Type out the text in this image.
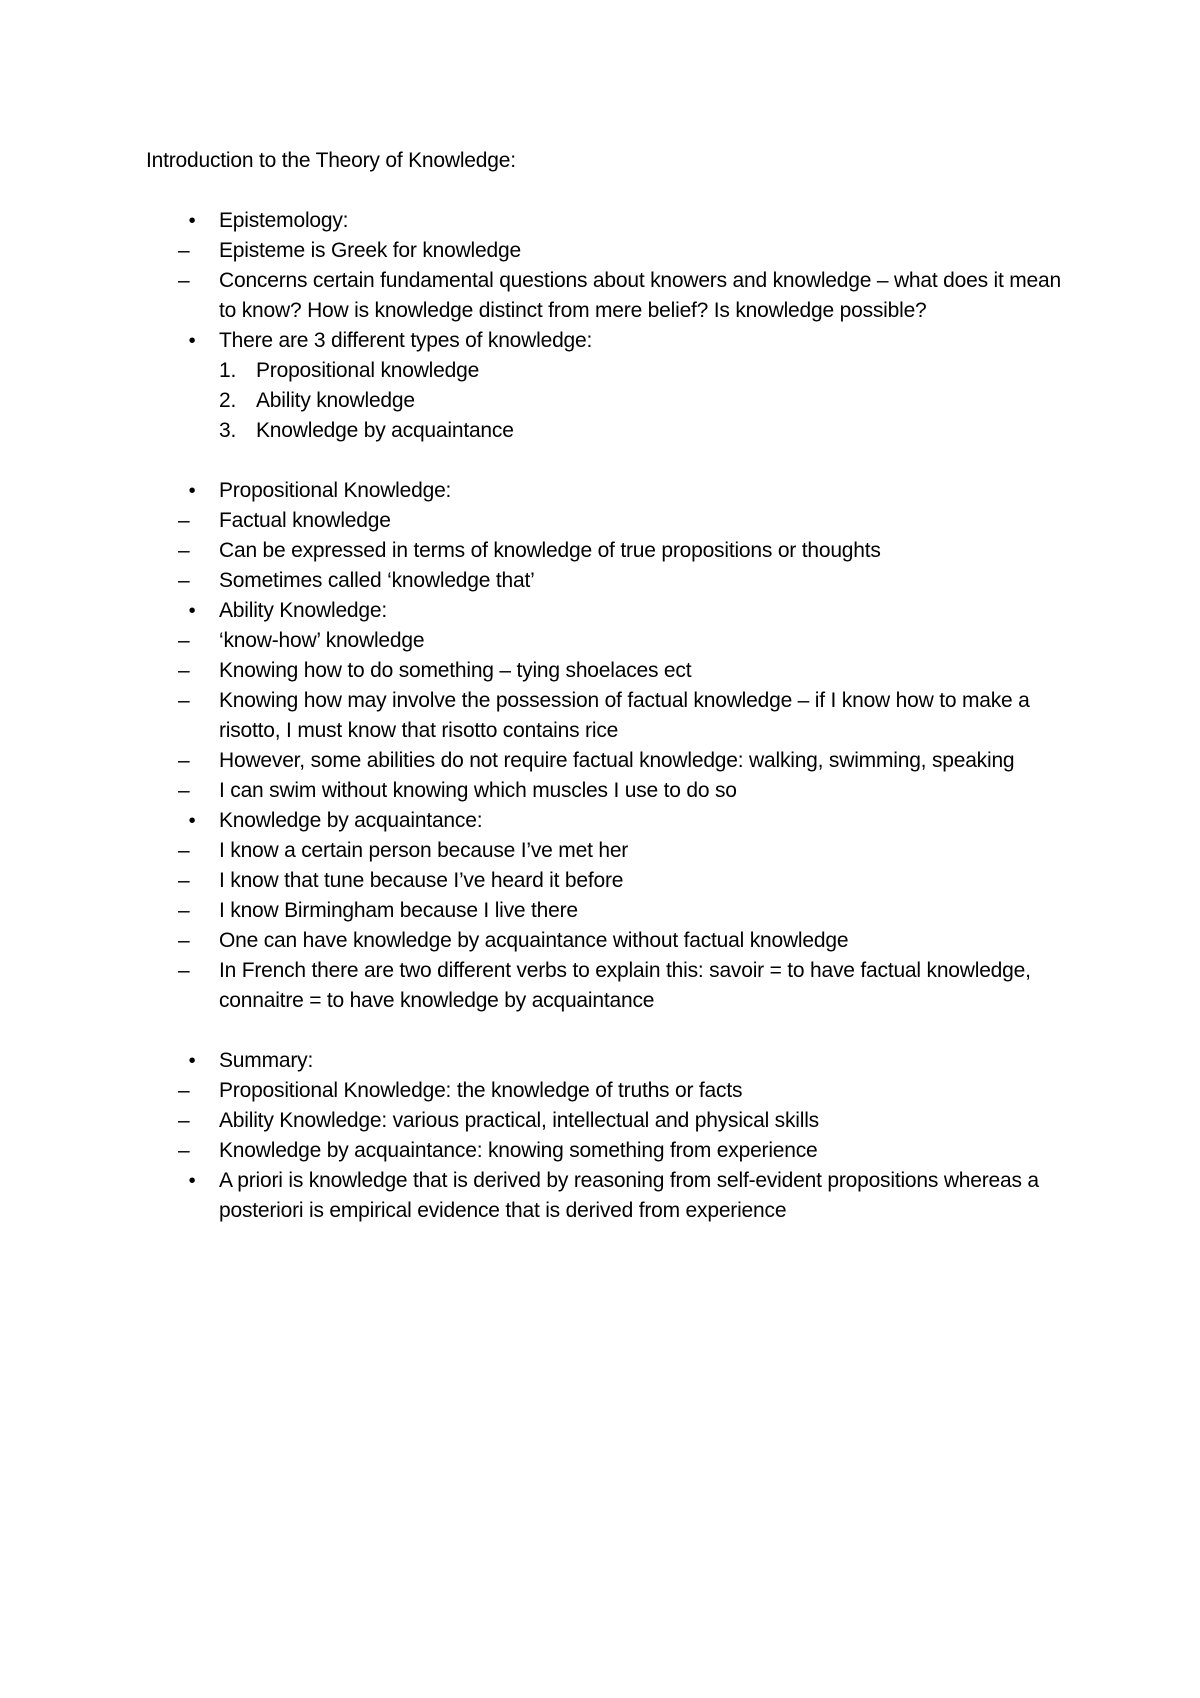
Introduction to the Theory of Knowledge:
• Epistemology:
– Episteme is Greek for knowledge
– Concerns certain fundamental questions about knowers and knowledge – what does it mean to know? How is knowledge distinct from mere belief? Is knowledge possible?
• There are 3 different types of knowledge:
1. Propositional knowledge
2. Ability knowledge
3. Knowledge by acquaintance
• Propositional Knowledge:
– Factual knowledge
– Can be expressed in terms of knowledge of true propositions or thoughts
– Sometimes called ‘knowledge that’
• Ability Knowledge:
– ‘know-how’ knowledge
– Knowing how to do something – tying shoelaces ect
– Knowing how may involve the possession of factual knowledge – if I know how to make a risotto, I must know that risotto contains rice
– However, some abilities do not require factual knowledge: walking, swimming, speaking
– I can swim without knowing which muscles I use to do so
• Knowledge by acquaintance:
– I know a certain person because I’ve met her
– I know that tune because I’ve heard it before
– I know Birmingham because I live there
– One can have knowledge by acquaintance without factual knowledge
– In French there are two different verbs to explain this: savoir = to have factual knowledge, connaitre = to have knowledge by acquaintance
• Summary:
– Propositional Knowledge: the knowledge of truths or facts
– Ability Knowledge: various practical, intellectual and physical skills
– Knowledge by acquaintance: knowing something from experience
• A priori is knowledge that is derived by reasoning from self-evident propositions whereas a posteriori is empirical evidence that is derived from experience
